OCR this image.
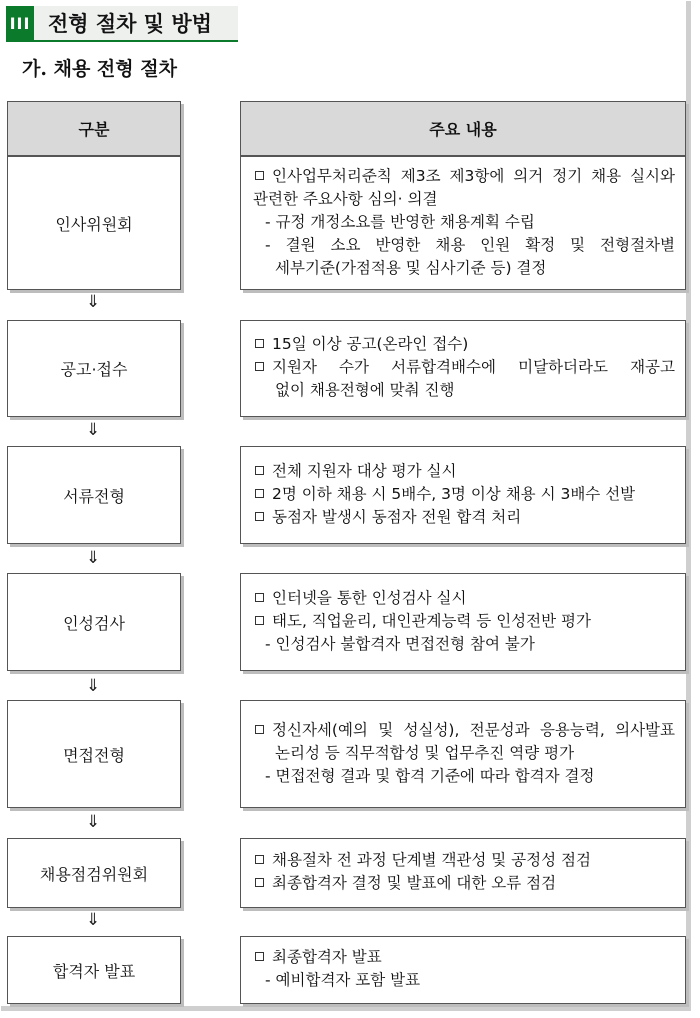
III 전형 절차 및 방법
가. 채용 전형 절차
구분	주요 내용
인사위원회
인사업무처리준칙 제3조 제3항에 의거 정기 채용 실시와
관련한 주요사항 심의· 의결
- 규정 개정소요를 반영한 채용계획 수립
- 결원 소요 반영한 채용 인원 확정 및 전형절차별
세부기준(가점적용 및 심사기준 등) 결정
공고·접수
15일 이상 공고(온라인 접수)
지원자 수가 서류합격배수에 미달하더라도 재공고
없이 채용전형에 맞춰 진행
서류전형
전체 지원자 대상 평가 실시
2명 이하 채용 시 5배수, 3명 이상 채용 시 3배수 선발
동점자 발생시 동점자 전원 합격 처리
인성검사
인터넷을 통한 인성검사 실시
태도, 직업윤리, 대인관계능력 등 인성전반 평가
- 인성검사 불합격자 면접전형 참여 불가
면접전형
정신자세(예의 및 성실성), 전문성과 응용능력, 의사발표
논리성 등 직무적합성 및 업무추진 역량 평가
- 면접전형 결과 및 합격 기준에 따라 합격자 결정
채용점검위원회
채용절차 전 과정 단계별 객관성 및 공정성 점검
최종합격자 결정 및 발표에 대한 오류 점검
합격자 발표
최종합격자 발표
- 예비합격자 포함 발표
⇓
⇓
⇓
⇓
⇓
⇓
